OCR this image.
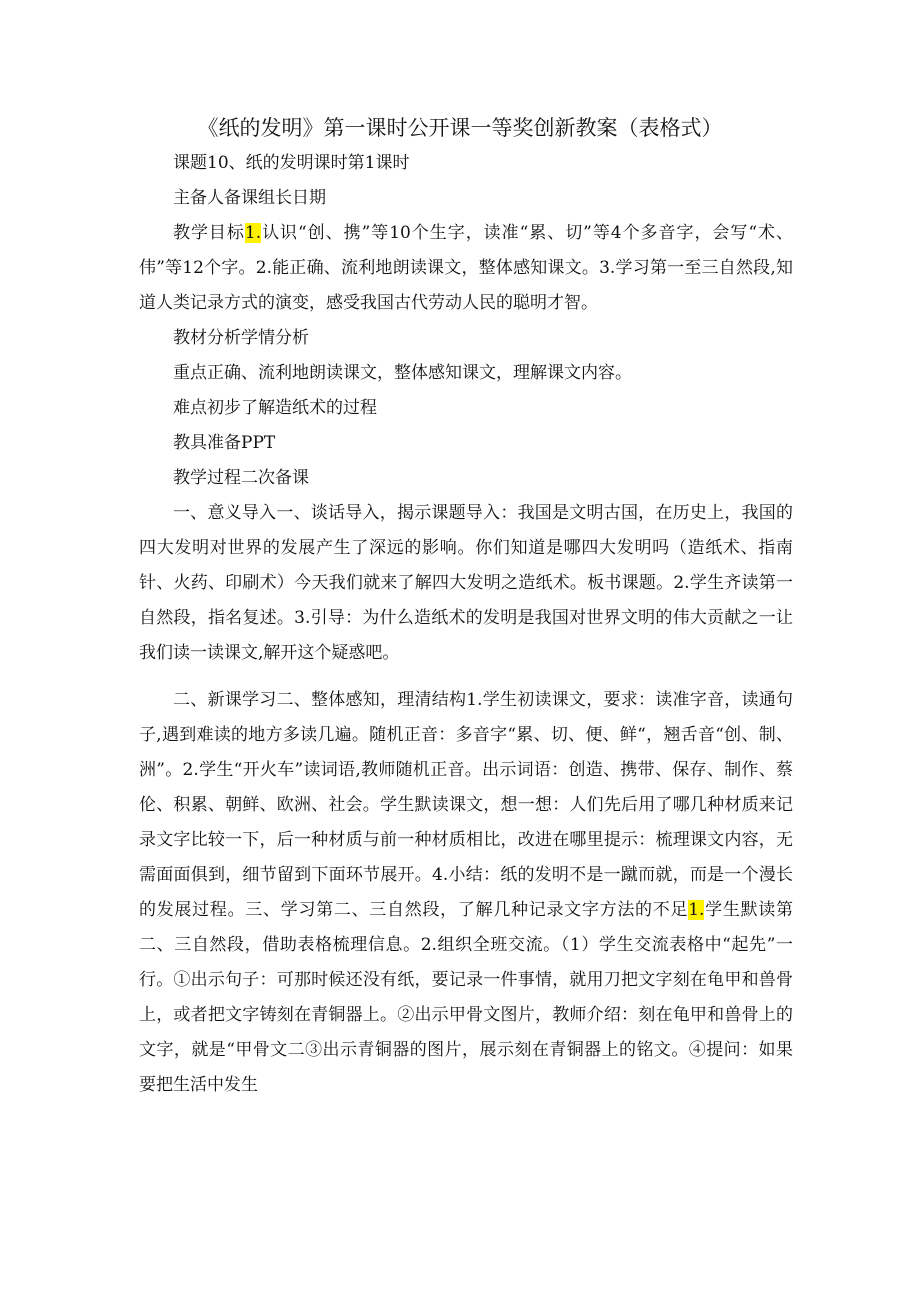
《纸的发明》第一课时公开课一等奖创新教案（表格式）

课题10、纸的发明课时第1课时

主备人备课组长日期

教学目标1.认识“创、携”等10个生字，读准“累、切”等4个多音字，会写“术、伟”等12个字。2.能正确、流利地朗读课文，整体感知课文。3.学习第一至三自然段,知道人类记录方式的演变，感受我国古代劳动人民的聪明才智。

教材分析学情分析

重点正确、流利地朗读课文，整体感知课文，理解课文内容。

难点初步了解造纸术的过程

教具准备PPT

教学过程二次备课

一、意义导入一、谈话导入，揭示课题导入：我国是文明古国，在历史上，我国的四大发明对世界的发展产生了深远的影响。你们知道是哪四大发明吗（造纸术、指南针、火药、印刷术）今天我们就来了解四大发明之造纸术。板书课题。2.学生齐读第一自然段，指名复述。3.引导：为什么造纸术的发明是我国对世界文明的伟大贡献之一让我们读一读课文,解开这个疑惑吧。

二、新课学习二、整体感知，理清结构1.学生初读课文，要求：读准字音，读通句子,遇到难读的地方多读几遍。随机正音：多音字“累、切、便、鲜“，翘舌音“创、制、洲”。2.学生“开火车”读词语,教师随机正音。出示词语：创造、携带、保存、制作、蔡伦、积累、朝鲜、欧洲、社会。学生默读课文，想一想：人们先后用了哪几种材质来记录文字比较一下，后一种材质与前一种材质相比，改进在哪里提示：梳理课文内容，无需面面俱到，细节留到下面环节展开。4.小结：纸的发明不是一蹴而就，而是一个漫长的发展过程。三、学习第二、三自然段，了解几种记录文字方法的不足1.学生默读第二、三自然段，借助表格梳理信息。2.组织全班交流。（1）学生交流表格中“起先”一行。①出示句子：可那时候还没有纸，要记录一件事情，就用刀把文字刻在龟甲和兽骨上，或者把文字铸刻在青铜器上。②出示甲骨文图片，教师介绍：刻在龟甲和兽骨上的文字，就是“甲骨文二③出示青铜器的图片，展示刻在青铜器上的铭文。④提问：如果要把生活中发生
